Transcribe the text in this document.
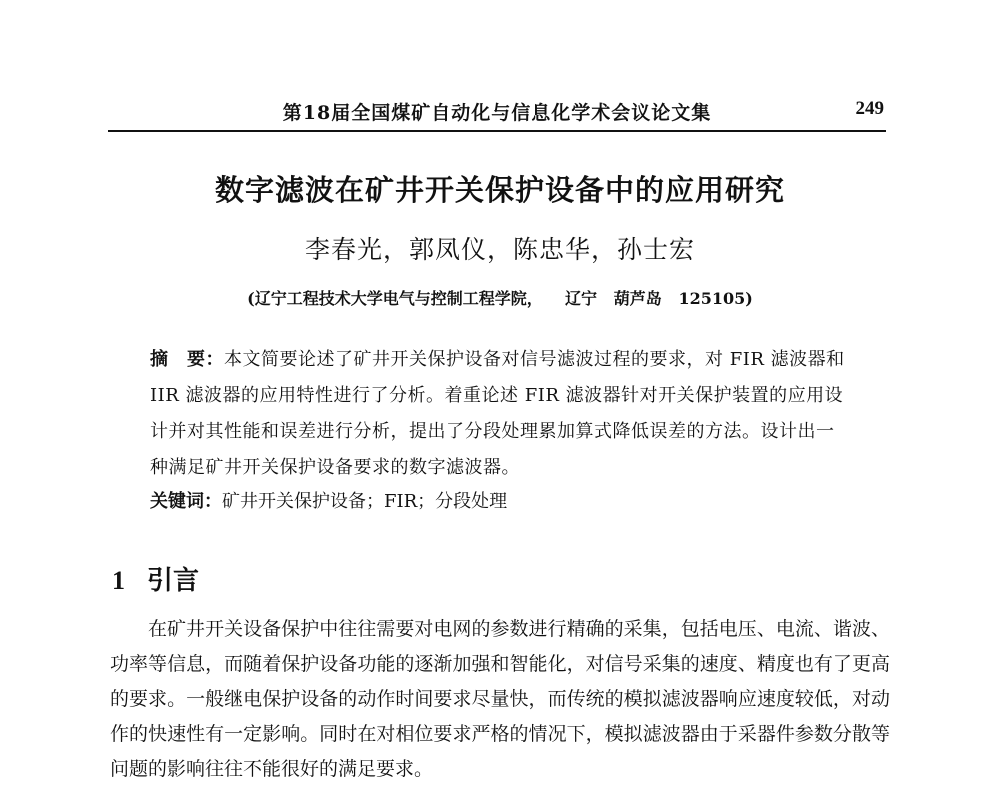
第18届全国煤矿自动化与信息化学术会议论文集	249
数字滤波在矿井开关保护设备中的应用研究
李春光，郭凤仪，陈忠华，孙士宏
(辽宁工程技术大学电气与控制工程学院， 辽宁 葫芦岛 125105)
摘　要：本文简要论述了矿井开关保护设备对信号滤波过程的要求，对 FIR 滤波器和 IIR 滤波器的应用特性进行了分析。着重论述 FIR 滤波器针对开关保护装置的应用设计并对其性能和误差进行分析，提出了分段处理累加算式降低误差的方法。设计出一种满足矿井开关保护设备要求的数字滤波器。
关键词：矿井开关保护设备；FIR；分段处理
1 引言
在矿井开关设备保护中往往需要对电网的参数进行精确的采集，包括电压、电流、谐波、功率等信息，而随着保护设备功能的逐渐加强和智能化，对信号采集的速度、精度也有了更高的要求。一般继电保护设备的动作时间要求尽量快，而传统的模拟滤波器响应速度较低，对动作的快速性有一定影响。同时在对相位要求严格的情况下，模拟滤波器由于采器件参数分散等问题的影响往往不能很好的满足要求。
